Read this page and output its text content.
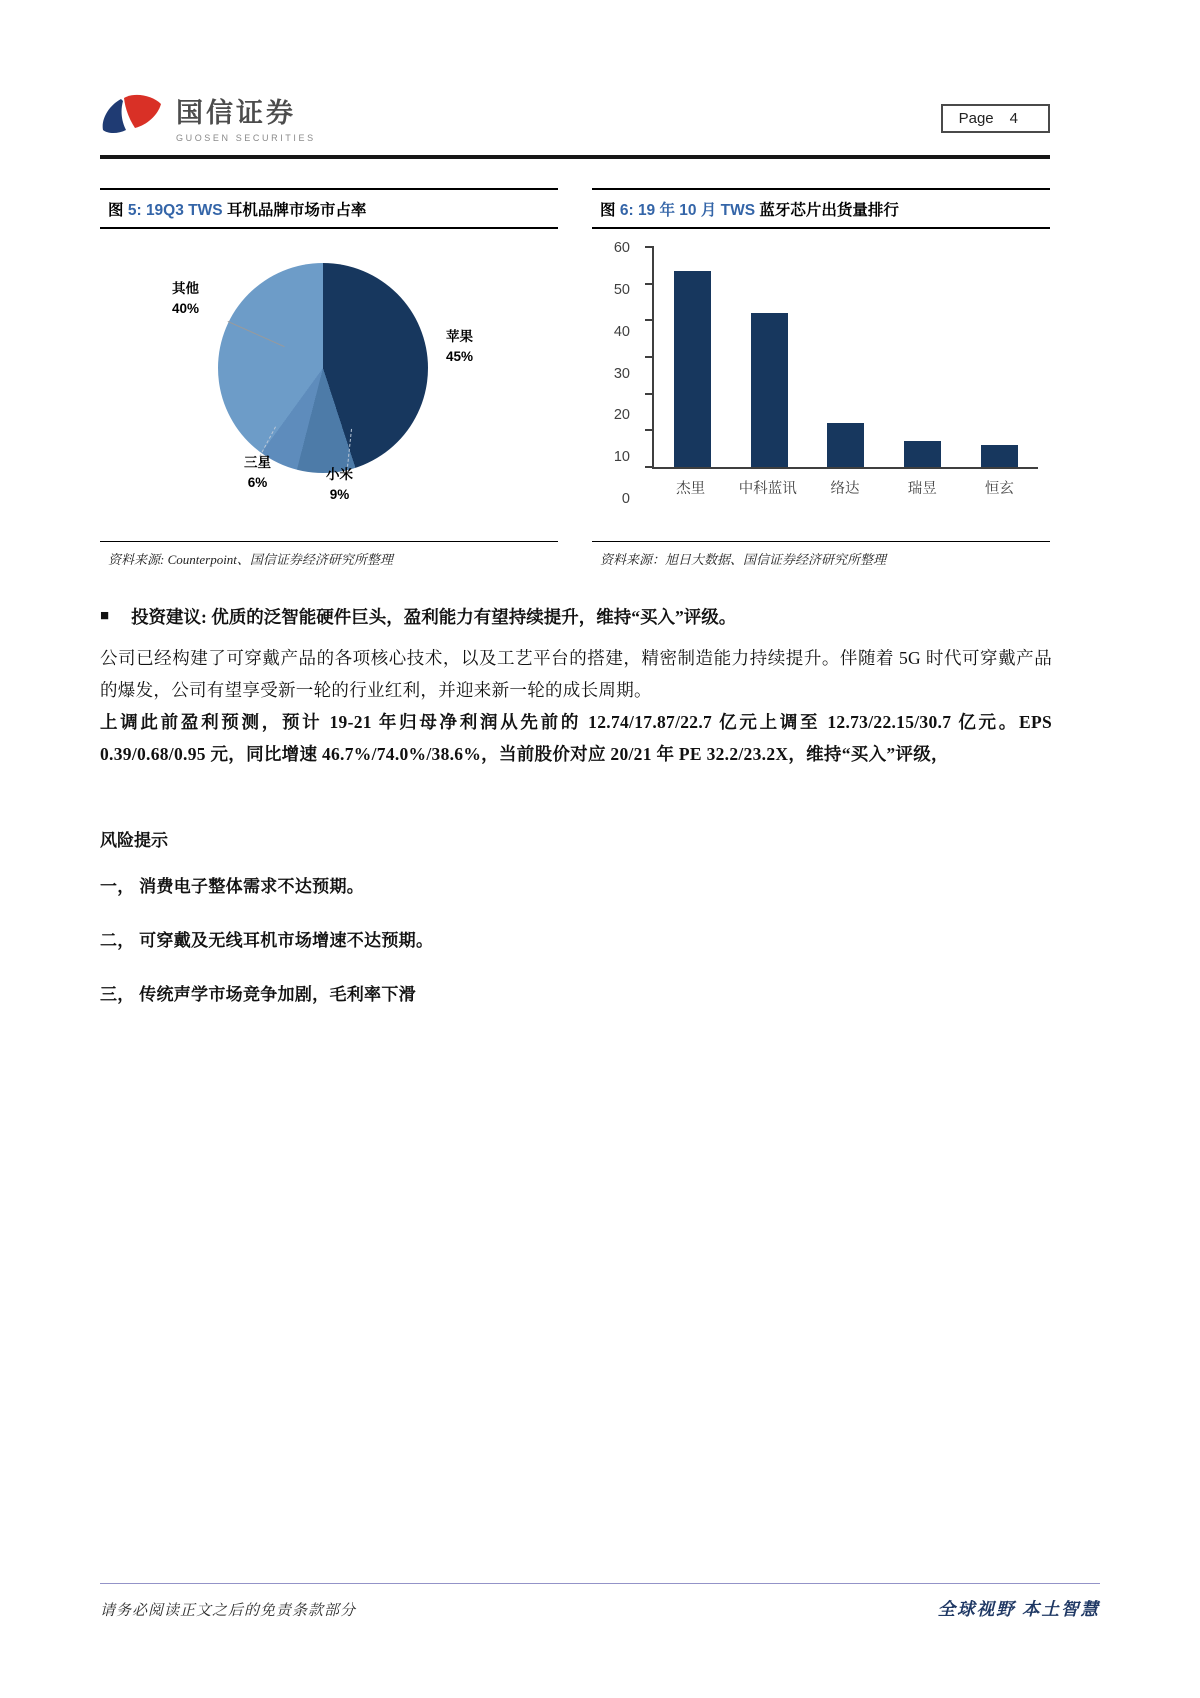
国信证券
GUOSEN SECURITIES
Page 4
图 5: 19Q3 TWS 耳机品牌市场市占率
苹果
45%
小米
9%
三星
6%
其他
40%
资料来源: Counterpoint、国信证券经济研究所整理
图 6: 19 年 10 月 TWS 蓝牙芯片出货量排行
60
50
40
30
20
10
0
杰里	中科蓝讯	络达	瑞昱	恒玄
资料来源：旭日大数据、国信证券经济研究所整理
■ 投资建议: 优质的泛智能硬件巨头，盈利能力有望持续提升，维持“买入”评级。
公司已经构建了可穿戴产品的各项核心技术，以及工艺平台的搭建，精密制造能力持续提升。伴随着 5G 时代可穿戴产品的爆发，公司有望享受新一轮的行业红利，并迎来新一轮的成长周期。
上调此前盈利预测，预计 19-21 年归母净利润从先前的 12.74/17.87/22.7 亿元上调至 12.73/22.15/30.7 亿元。EPS 0.39/0.68/0.95 元，同比增速 46.7%/74.0%/38.6%，当前股价对应 20/21 年 PE 32.2/23.2X，维持“买入”评级，
风险提示
一， 消费电子整体需求不达预期。
二， 可穿戴及无线耳机市场增速不达预期。
三， 传统声学市场竞争加剧，毛利率下滑
请务必阅读正文之后的免责条款部分	全球视野 本土智慧
